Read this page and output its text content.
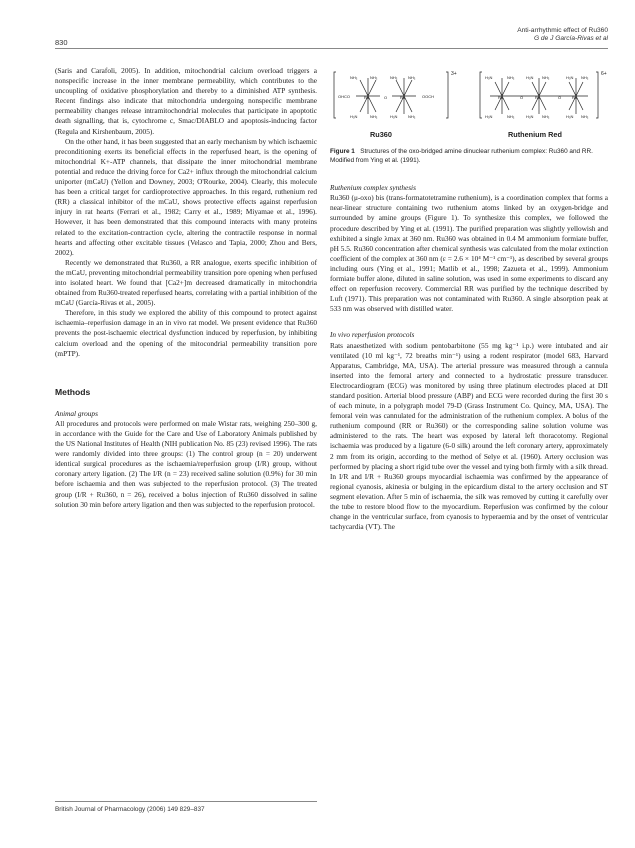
Anti-arrhythmic effect of Ru360
G de J García-Rivas et al
830

(Saris and Carafoli, 2005). In addition, mitochondrial calcium overload triggers a nonspecific increase in the inner membrane permeability, which contributes to the uncoupling of oxidative phosphorylation and thereby to a diminished ATP synthesis. Recent findings also indicate that mitochondria undergoing nonspecific membrane permeability changes release intramitochondrial molecules that participate in apoptotic death signalling, that is, cytochrome c, Smac/DIABLO and apoptosis-inducing factor (Regula and Kirshenbaum, 2005).

On the other hand, it has been suggested that an early mechanism by which ischaemic preconditioning exerts its beneficial effects in the reperfused heart, is the opening of mitochondrial K+-ATP channels, that dissipate the inner mitochondrial membrane potential and reduce the driving force for Ca2+ influx through the mitochondrial calcium uniporter (mCaU) (Yellon and Downey, 2003; O'Rourke, 2004). Clearly, this molecule has been a critical target for cardioprotective approaches. In this regard, ruthenium red (RR) a classical inhibitor of the mCaU, shows protective effects against reperfusion injury in rat hearts (Ferrari et al., 1982; Carry et al., 1989; Miyamae et al., 1996). However, it has been demonstrated that this compound interacts with many proteins related to the excitation-contraction cycle, altering the contractile response in normal hearts and affecting other excitable tissues (Velasco and Tapia, 2000; Zhou and Bers, 2002).

Recently we demonstrated that Ru360, a RR analogue, exerts specific inhibition of the mCaU, preventing mitochondrial permeability transition pore opening when perfused into isolated heart. We found that [Ca2+]m decreased dramatically in mitochondria obtained from Ru360-treated reperfused hearts, correlating with a partial inhibition of the mCaU (García-Rivas et al., 2005).

Therefore, in this study we explored the ability of this compound to protect against ischaemia–reperfusion damage in an in vivo rat model. We present evidence that Ru360 prevents the post-ischaemic electrical dysfunction induced by reperfusion, by inhibiting calcium overload and the opening of the mitocondrial permeability transition pore (mPTP).

Methods

Animal groups

All procedures and protocols were performed on male Wistar rats, weighing 250–300 g, in accordance with the Guide for the Care and Use of Laboratory Animals published by the US National Institutes of Health (NIH publication No. 85 (23) revised 1996). The rats were randomly divided into three groups: (1) The control group (n = 20) underwent identical surgical procedures as the ischaemia/reperfusion group (I/R) group, without coronary artery ligation. (2) The I/R (n = 23) received saline solution (0.9%) for 30 min before ischaemia and then was subjected to the reperfusion protocol. (3) The treated group (I/R + Ru360, n = 26), received a bolus injection of Ru360 dissolved in saline solution 30 min before artery ligation and then was subjected to the reperfusion protocol.

NH₃	NH₃	NH₃	NH₃
OHCO	OOCH
Ru	O	Ru
H₃N	NH₃	H₃N	NH₃
H₃N	NH₃	H₃N NH₃	H₃N NH₃
Ru	O	Ru	O	Ru
H₃N	NH₃	H₃N NH₃	H₃N NH₃
3+	6+
Ru360	Ruthenium Red
Figure 1 Structures of the oxo-bridged amine dinuclear ruthenium complex: Ru360 and RR. Modified from Ying et al. (1991).

Ruthenium complex synthesis

Ru360 (μ-oxo) bis (trans-formatotetramine ruthenium), is a coordination complex that forms a near-linear structure containing two ruthenium atoms linked by an oxygen-bridge and surrounded by amine groups (Figure 1). To synthesize this complex, we followed the procedure described by Ying et al. (1991). The purified preparation was slightly yellowish and exhibited a single λmax at 360 nm. Ru360 was obtained in 0.4 M ammonium formiate buffer, pH 5.5. Ru360 concentration after chemical synthesis was calculated from the molar extinction coefficient of the complex at 360 nm (ε = 2.6 × 10⁴ M⁻¹ cm⁻¹), as described by several groups including ours (Ying et al., 1991; Matlib et al., 1998; Zazueta et al., 1999). Ammonium formiate buffer alone, diluted in saline solution, was used in some experiments to discard any effect on reperfusion recovery. Commercial RR was purified by the technique described by Luft (1971). This preparation was not contaminated with Ru360. A single absorption peak at 533 nm was observed with distilled water.

In vivo reperfusion protocols

Rats anaesthetized with sodium pentobarbitone (55 mg kg⁻¹ i.p.) were intubated and air ventilated (10 ml kg⁻¹, 72 breaths min⁻¹) using a rodent respirator (model 683, Harvard Apparatus, Cambridge, MA, USA). The arterial pressure was measured through a cannula inserted into the femoral artery and connected to a hydrostatic pressure transducer. Electrocardiogram (ECG) was monitored by using three platinum electrodes placed at DII standard position. Arterial blood pressure (ABP) and ECG were recorded during the first 30 s of each minute, in a polygraph model 79-D (Grass Instrument Co. Quincy, MA, USA). The femoral vein was cannulated for the administration of the ruthenium complex. A bolus of the ruthenium compound (RR or Ru360) or the corresponding saline solution volume was administered to the rats. The heart was exposed by lateral left thoracotomy. Regional ischaemia was produced by a ligature (6-0 silk) around the left coronary artery, approximately 2 mm from its origin, according to the method of Selye et al. (1960). Artery occlusion was performed by placing a short rigid tube over the vessel and tying both firmly with a silk thread. In I/R and I/R + Ru360 groups myocardial ischaemia was confirmed by the appearance of regional cyanosis, akinesia or bulging in the epicardium distal to the artery occlusion and ST segment elevation. After 5 min of ischaemia, the silk was removed by cutting it carefully over the tube to restore blood flow to the myocardium. Reperfusion was confirmed by the colour change in the ventricular surface, from cyanosis to hyperaemia and by the onset of ventricular tachycardia (VT). The

British Journal of Pharmacology (2006) 149 829–837
